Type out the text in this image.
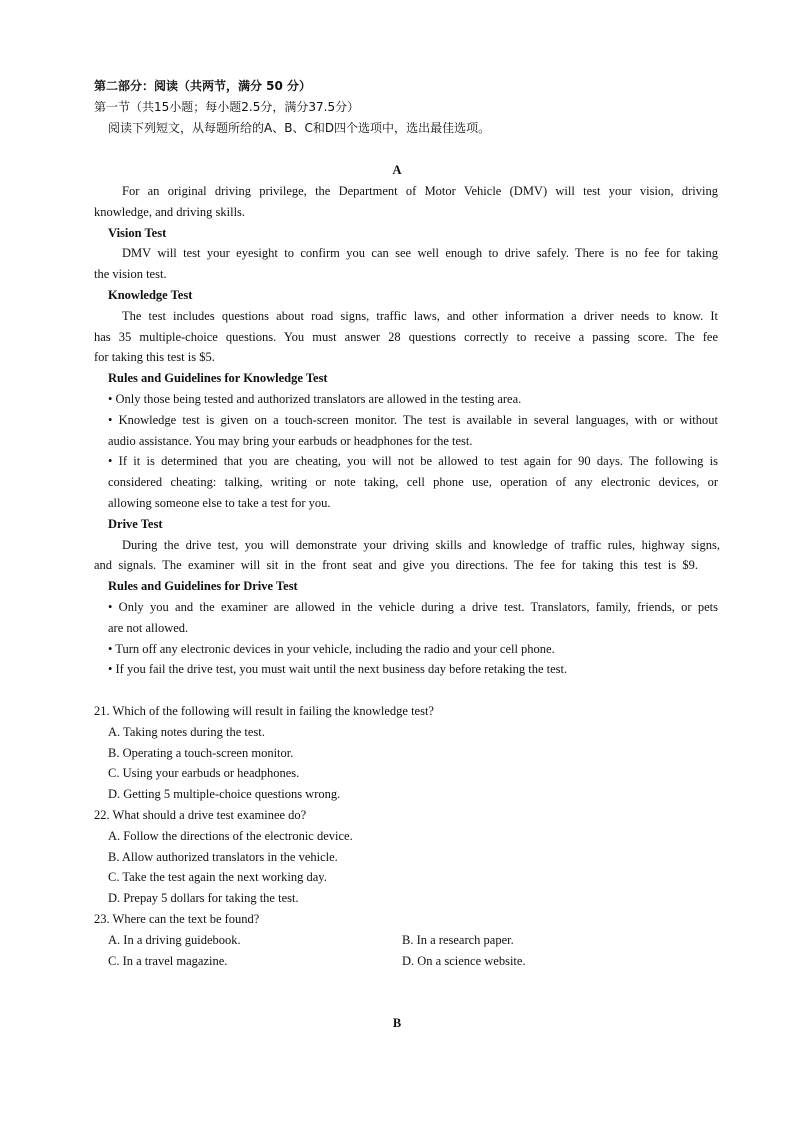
第二部分：阅读（共两节，满分 50 分）
第一节（共15小题；每小题2.5分，满分37.5分）
阅读下列短文，从每题所给的A、B、C和D四个选项中，选出最佳选项。
A
For an original driving privilege, the Department of Motor Vehicle (DMV) will test your vision, driving
knowledge, and driving skills.
Vision Test
DMV will test your eyesight to confirm you can see well enough to drive safely. There is no fee for taking
the vision test.
Knowledge Test
The test includes questions about road signs, traffic laws, and other information a driver needs to know. It
has 35 multiple-choice questions. You must answer 28 questions correctly to receive a passing score. The fee
for taking this test is $5.
Rules and Guidelines for Knowledge Test
• Only those being tested and authorized translators are allowed in the testing area.
• Knowledge test is given on a touch-screen monitor. The test is available in several languages, with or without
audio assistance. You may bring your earbuds or headphones for the test.
• If it is determined that you are cheating, you will not be allowed to test again for 90 days. The following is
considered cheating: talking, writing or note taking, cell phone use, operation of any electronic devices, or
allowing someone else to take a test for you.
Drive Test
During the drive test, you will demonstrate your driving skills and knowledge of traffic rules, highway signs,
and signals. The examiner will sit in the front seat and give you directions. The fee for taking this test is $9.
Rules and Guidelines for Drive Test
• Only you and the examiner are allowed in the vehicle during a drive test. Translators, family, friends, or pets
are not allowed.
• Turn off any electronic devices in your vehicle, including the radio and your cell phone.
• If you fail the drive test, you must wait until the next business day before retaking the test.
21. Which of the following will result in failing the knowledge test?
A. Taking notes during the test.
B. Operating a touch-screen monitor.
C. Using your earbuds or headphones.
D. Getting 5 multiple-choice questions wrong.
22. What should a drive test examinee do?
A. Follow the directions of the electronic device.
B. Allow authorized translators in the vehicle.
C. Take the test again the next working day.
D. Prepay 5 dollars for taking the test.
23. Where can the text be found?
A. In a driving guidebook.	B. In a research paper.
C. In a travel magazine.	D. On a science website.
B
